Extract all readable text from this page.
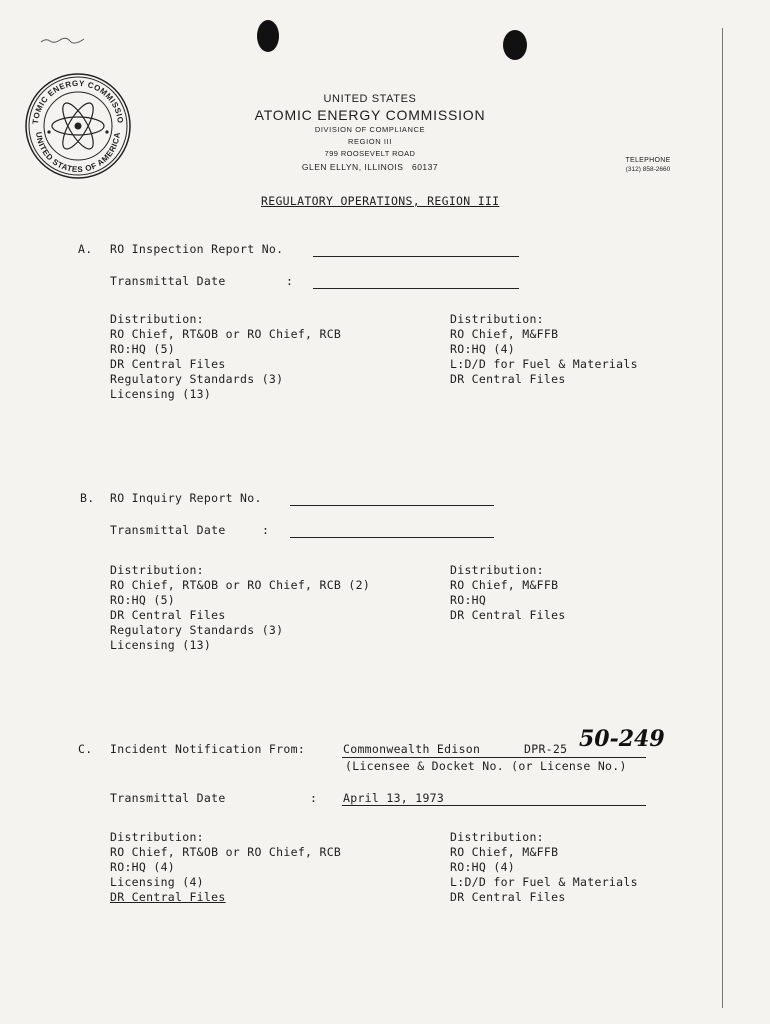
TOMIC ENERGY COMMISSIO
UNITED STATES OF AMERICA
UNITED STATES
ATOMIC ENERGY COMMISSION
DIVISION OF COMPLIANCE
REGION III
799 ROOSEVELT ROAD
GLEN ELLYN, ILLINOIS   60137
TELEPHONE
(312) 858-2660
REGULATORY OPERATIONS, REGION III
A. RO Inspection Report No.
Transmittal Date	:
Distribution:
RO Chief, RT&OB or RO Chief, RCB
RO:HQ (5)
DR Central Files
Regulatory Standards (3)
Licensing (13)
Distribution:
RO Chief, M&FFB
RO:HQ (4)
L:D/D for Fuel & Materials
DR Central Files
B. RO Inquiry Report No.
Transmittal Date	:
Distribution:
RO Chief, RT&OB or RO Chief, RCB (2)
RO:HQ (5)
DR Central Files
Regulatory Standards (3)
Licensing (13)
Distribution:
RO Chief, M&FFB
RO:HQ
DR Central Files
C. Incident Notification From:	Commonwealth Edison	DPR-25 50-249
(Licensee & Docket No. (or License No.)
Transmittal Date	: April 13, 1973
Distribution:
RO Chief, RT&OB or RO Chief, RCB
RO:HQ (4)
Licensing (4)
DR Central Files
Distribution:
RO Chief, M&FFB
RO:HQ (4)
L:D/D for Fuel & Materials
DR Central Files
